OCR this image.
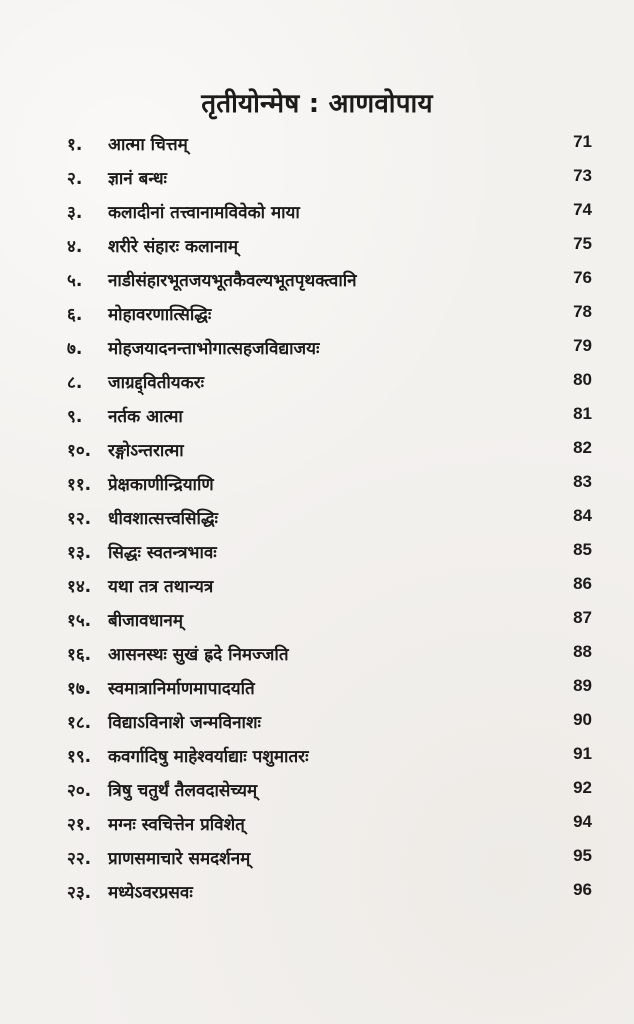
तृतीयोन्मेष : आणवोपाय
१. आत्मा चित्तम्	71
२. ज्ञानं बन्धः	73
३. कलादीनां तत्त्वानामविवेको माया	74
४. शरीरे संहारः कलानाम्	75
५. नाडीसंहारभूतजयभूतकैवल्यभूतपृथक्त्वानि	76
६. मोहावरणात्सिद्धिः	78
७. मोहजयादनन्ताभोगात्सहजविद्याजयः	79
८. जाग्रद्द्वितीयकरः	80
९. नर्तक आत्मा	81
१०. रङ्गोऽन्तरात्मा	82
११. प्रेक्षकाणीन्द्रियाणि	83
१२. धीवशात्सत्त्वसिद्धिः	84
१३. सिद्धः स्वतन्त्रभावः	85
१४. यथा तत्र तथान्यत्र	86
१५. बीजावधानम्	87
१६. आसनस्थः सुखं ह्रदे निमज्जति	88
१७. स्वमात्रानिर्माणमापादयति	89
१८. विद्याऽविनाशे जन्मविनाशः	90
१९. कवर्गादिषु माहेश्वर्याद्याः पशुमातरः	91
२०. त्रिषु चतुर्थं तैलवदासेच्यम्	92
२१. मग्नः स्वचित्तेन प्रविशेत्	94
२२. प्राणसमाचारे समदर्शनम्	95
२३. मध्येऽवरप्रसवः	96
